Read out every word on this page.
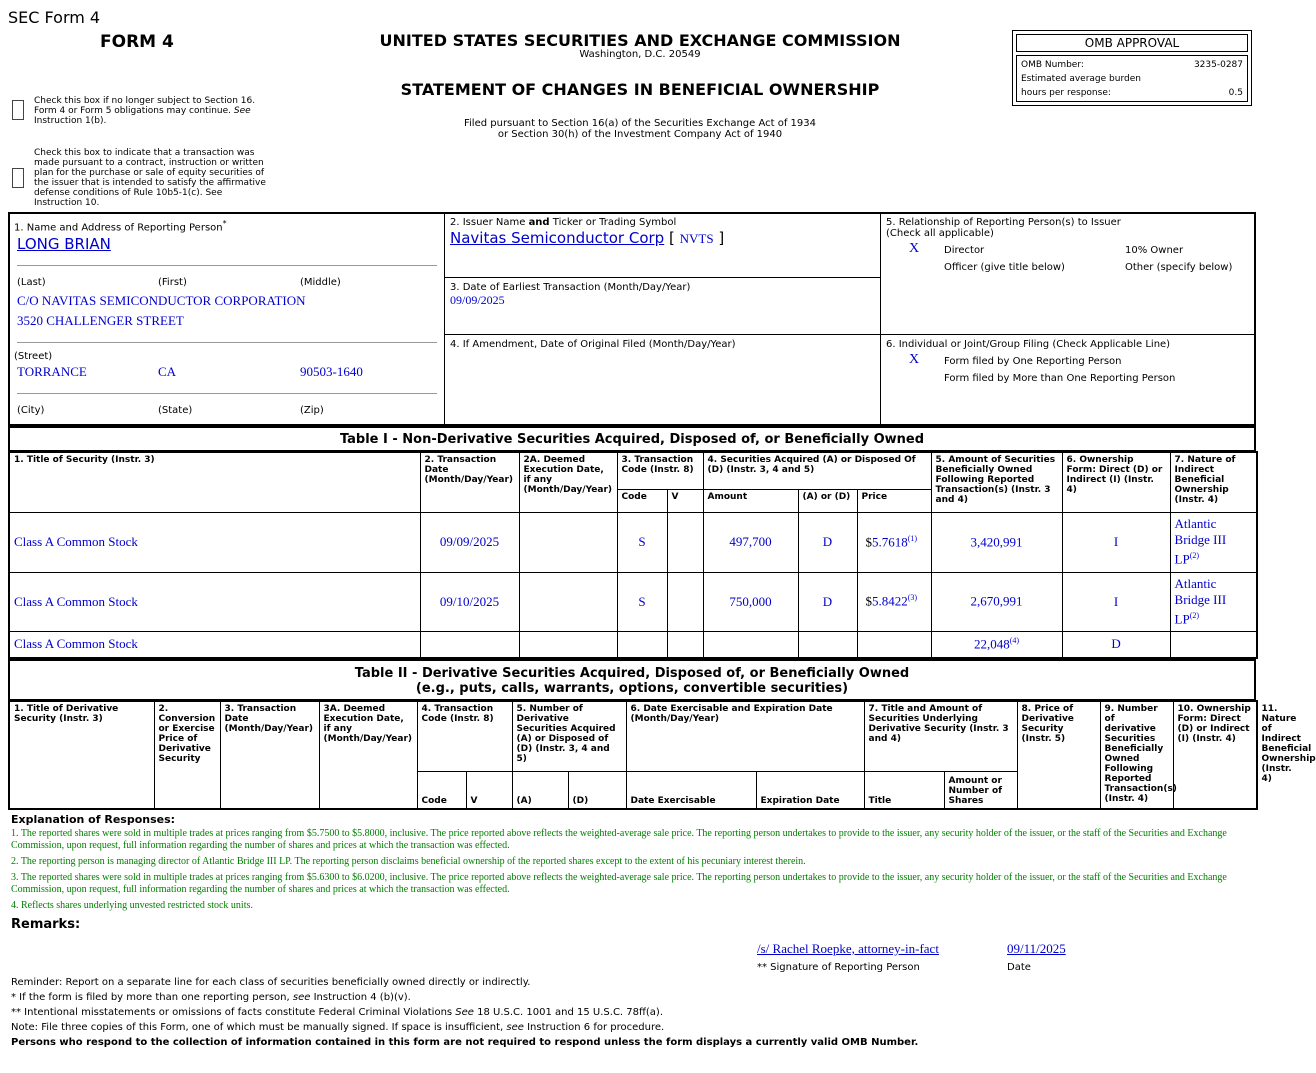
SEC Form 4
FORM 4
Check this box if no longer subject to Section 16. Form 4 or Form 5 obligations may continue. See Instruction 1(b).
Check this box to indicate that a transaction was made pursuant to a contract, instruction or written plan for the purchase or sale of equity securities of the issuer that is intended to satisfy the affirmative defense conditions of Rule 10b5-1(c). See Instruction 10.
UNITED STATES SECURITIES AND EXCHANGE COMMISSION
Washington, D.C. 20549
STATEMENT OF CHANGES IN BENEFICIAL OWNERSHIP
Filed pursuant to Section 16(a) of the Securities Exchange Act of 1934
or Section 30(h) of the Investment Company Act of 1940
OMB APPROVAL
OMB Number:	3235-0287
Estimated average burden
hours per response:	0.5
1. Name and Address of Reporting Person*
LONG BRIAN
(Last)	(First)	(Middle)
C/O NAVITAS SEMICONDUCTOR CORPORATION
3520 CHALLENGER STREET
(Street)
TORRANCE	CA	90503-1640
(City)	(State)	(Zip)
2. Issuer Name and Ticker or Trading Symbol
Navitas Semiconductor Corp [ NVTS ]
3. Date of Earliest Transaction (Month/Day/Year)
09/09/2025
4. If Amendment, Date of Original Filed (Month/Day/Year)
5. Relationship of Reporting Person(s) to Issuer
(Check all applicable)
X Director	10% Owner
Officer (give title below)	Other (specify below)
6. Individual or Joint/Group Filing (Check Applicable Line)
X Form filed by One Reporting Person
Form filed by More than One Reporting Person
Table I - Non-Derivative Securities Acquired, Disposed of, or Beneficially Owned
1. Title of Security (Instr. 3)	2. Transaction Date (Month/Day/Year)	2A. Deemed Execution Date, if any (Month/Day/Year)	3. Transaction Code (Instr. 8)		4. Securities Acquired (A) or Disposed Of (D) (Instr. 3, 4 and 5)			5. Amount of Securities Beneficially Owned Following Reported Transaction(s) (Instr. 3 and 4)	6. Ownership Form: Direct (D) or Indirect (I) (Instr. 4)	7. Nature of Indirect Beneficial Ownership (Instr. 4)
			Code	V	Amount	(A) or (D)	Price			
Class A Common Stock	09/09/2025		S		497,700	D	$5.7618$^{(1)}$	3,420,991	I	Atlantic Bridge III LP$^{(2)}$
Class A Common Stock	09/10/2025		S		750,000	D	$5.8422$^{(3)}$	2,670,991	I	Atlantic Bridge III LP$^{(2)}$
Class A Common Stock								22,048$^{(4)}$	D	
Table II - Derivative Securities Acquired, Disposed of, or Beneficially Owned
(e.g., puts, calls, warrants, options, convertible securities)
1. Title of Derivative Security (Instr. 3)	2. Conversion or Exercise Price of Derivative Security	3. Transaction Date (Month/Day/Year)	3A. Deemed Execution Date, if any (Month/Day/Year)	4. Transaction Code (Instr. 8)		5. Number of Derivative Securities Acquired (A) or Disposed of (D) (Instr. 3, 4 and 5)		6. Date Exercisable and Expiration Date (Month/Day/Year)		7. Title and Amount of Securities Underlying Derivative Security (Instr. 3 and 4)		8. Price of Derivative Security (Instr. 5)	9. Number of derivative Securities Beneficially Owned Following Reported Transaction(s) (Instr. 4)	10. Ownership Form: Direct (D) or Indirect (I) (Instr. 4)	11. Nature of Indirect Beneficial Ownership (Instr. 4)
				Code	V	(A)	(D)	Date Exercisable	Expiration Date	Title	Amount or Number of Shares				
Explanation of Responses:
1. The reported shares were sold in multiple trades at prices ranging from $5.7500 to $5.8000, inclusive. The price reported above reflects the weighted-average sale price. The reporting person undertakes to provide to the issuer, any security holder of the issuer, or the staff of the Securities and Exchange Commission, upon request, full information regarding the number of shares and prices at which the transaction was effected.
2. The reporting person is managing director of Atlantic Bridge III LP. The reporting person disclaims beneficial ownership of the reported shares except to the extent of his pecuniary interest therein.
3. The reported shares were sold in multiple trades at prices ranging from $5.6300 to $6.0200, inclusive. The price reported above reflects the weighted-average sale price. The reporting person undertakes to provide to the issuer, any security holder of the issuer, or the staff of the Securities and Exchange Commission, upon request, full information regarding the number of shares and prices at which the transaction was effected.
4. Reflects shares underlying unvested restricted stock units.
Remarks:
/s/ Rachel Roepke, attorney-in-fact	09/11/2025
** Signature of Reporting Person	Date
Reminder: Report on a separate line for each class of securities beneficially owned directly or indirectly.
* If the form is filed by more than one reporting person, see Instruction 4 (b)(v).
** Intentional misstatements or omissions of facts constitute Federal Criminal Violations See 18 U.S.C. 1001 and 15 U.S.C. 78ff(a).
Note: File three copies of this Form, one of which must be manually signed. If space is insufficient, see Instruction 6 for procedure.
Persons who respond to the collection of information contained in this form are not required to respond unless the form displays a currently valid OMB Number.
